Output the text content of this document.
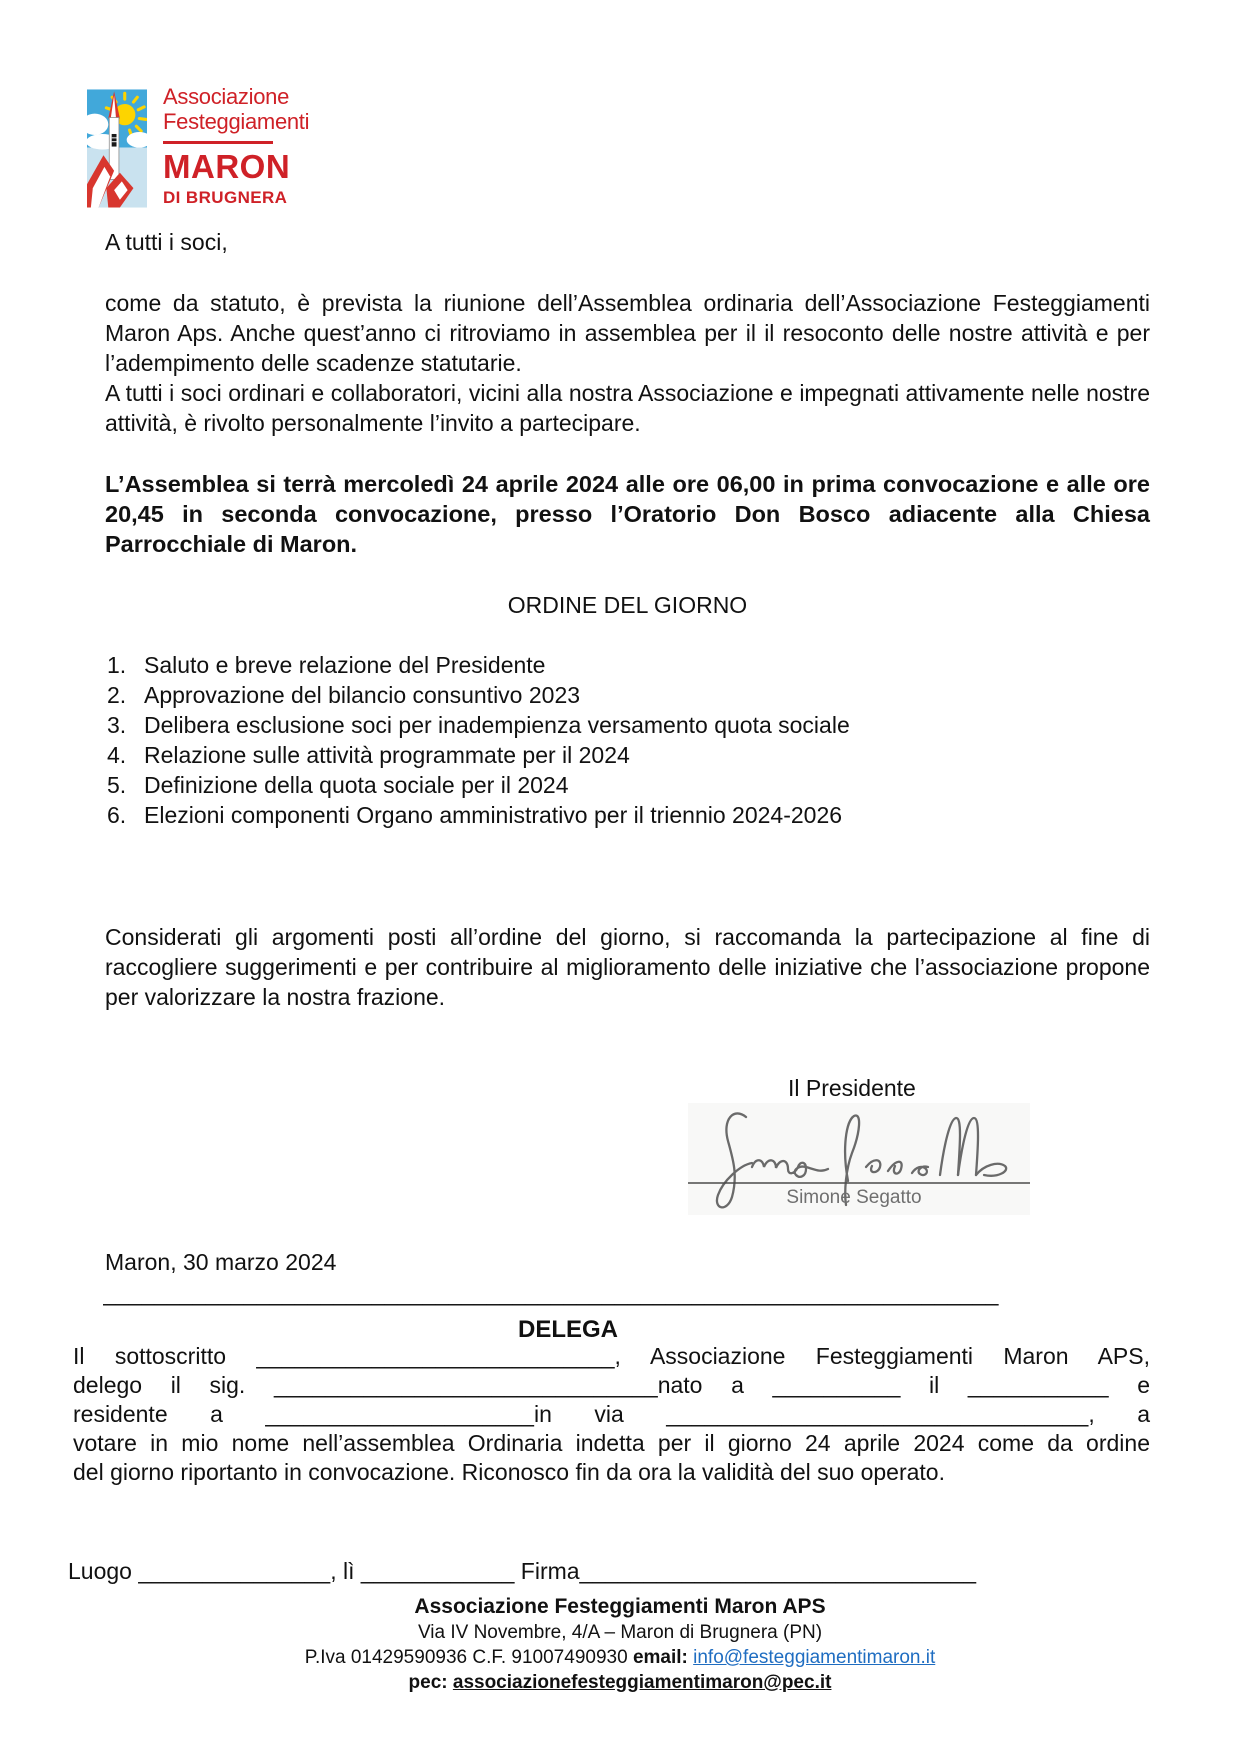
Associazione
Festeggiamenti
MARON
DI BRUGNERA
A tutti i soci,

come da statuto, è prevista la riunione dell’Assemblea ordinaria dell’Associazione Festeggiamenti Maron Aps. Anche quest’anno ci ritroviamo in assemblea per il il resoconto delle nostre attività e per l’adempimento delle scadenze statutarie.

A tutti i soci ordinari e collaboratori, vicini alla nostra Associazione e impegnati attivamente nelle nostre attività, è rivolto personalmente l’invito a partecipare.

L’Assemblea si terrà mercoledì 24 aprile 2024 alle ore 06,00 in prima convocazione e alle ore 20,45 in seconda convocazione, presso l’Oratorio Don Bosco adiacente alla Chiesa Parrocchiale di Maron.
ORDINE DEL GIORNO
Saluto e breve relazione del Presidente
Approvazione del bilancio consuntivo 2023
Delibera esclusione soci per inadempienza versamento quota sociale
Relazione sulle attività programmate per il 2024
Definizione della quota sociale per il 2024
Elezioni componenti Organo amministrativo per il triennio 2024-2026
Considerati gli argomenti posti all’ordine del giorno, si raccomanda la partecipazione al fine di raccogliere suggerimenti e per contribuire al miglioramento delle iniziative che l’associazione propone per valorizzare la nostra frazione.
Il Presidente
Simone Segatto
Maron, 30 marzo 2024
______________________________________________________________________
DELEGA
Il sottoscritto ____________________________, Associazione Festeggiamenti Maron APS,
delego il sig. ______________________________nato a __________ il ___________ e
residente a _____________________in via _________________________________, a
votare in mio nome nell’assemblea Ordinaria indetta per il giorno 24 aprile 2024 come da ordine
del giorno riportanto in convocazione. Riconosco fin da ora la validità del suo operato.
Luogo _______________, lì ____________ Firma_______________________________
Associazione Festeggiamenti Maron APS
Via IV Novembre, 4/A – Maron di Brugnera (PN)
P.Iva 01429590936 C.F. 91007490930 email: info@festeggiamentimaron.it
pec: associazionefesteggiamentimaron@pec.it
